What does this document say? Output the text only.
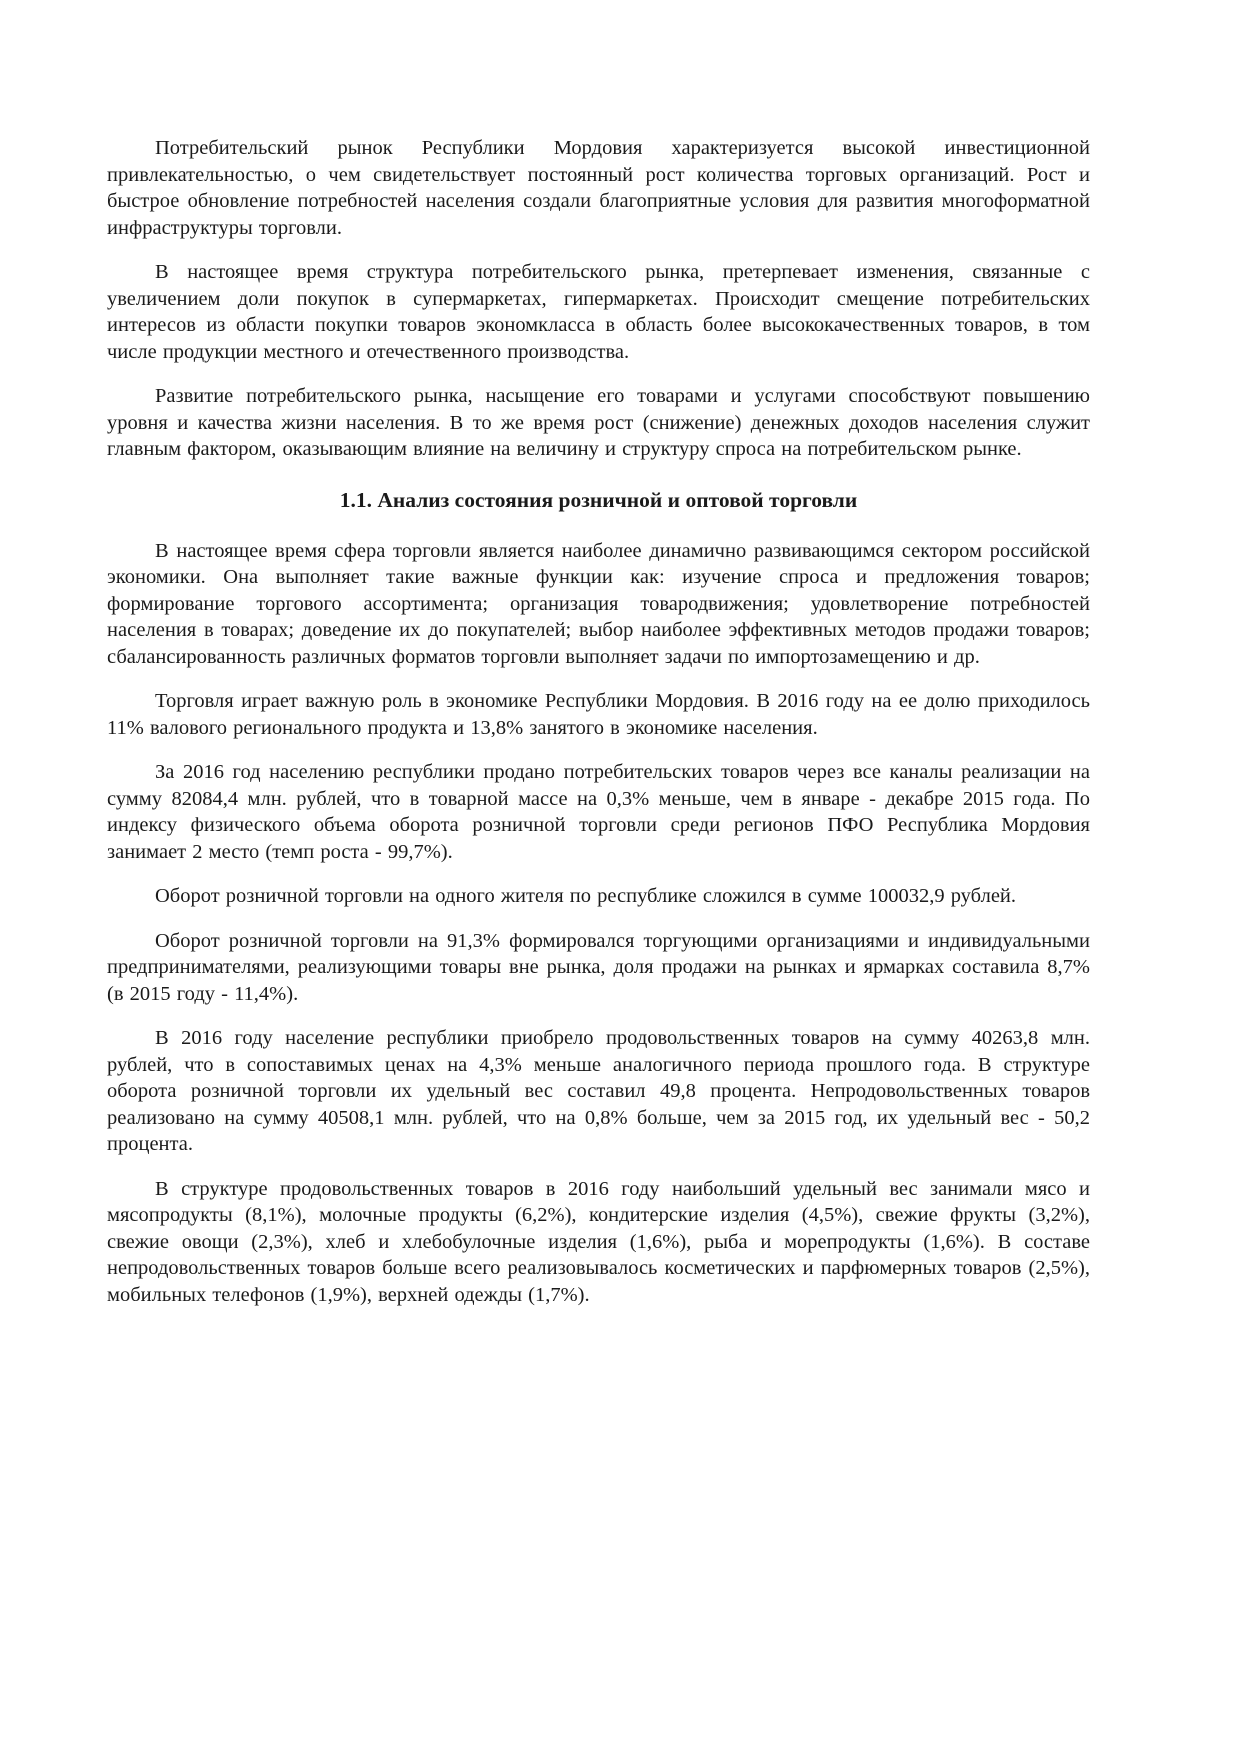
Потребительский рынок Республики Мордовия характеризуется высокой инвестиционной привлекательностью, о чем свидетельствует постоянный рост количества торговых организаций. Рост и быстрое обновление потребностей населения создали благоприятные условия для развития многоформатной инфраструктуры торговли.

В настоящее время структура потребительского рынка, претерпевает изменения, связанные с увеличением доли покупок в супермаркетах, гипермаркетах. Происходит смещение потребительских интересов из области покупки товаров экономкласса в область более высококачественных товаров, в том числе продукции местного и отечественного производства.

Развитие потребительского рынка, насыщение его товарами и услугами способствуют повышению уровня и качества жизни населения. В то же время рост (снижение) денежных доходов населения служит главным фактором, оказывающим влияние на величину и структуру спроса на потребительском рынке.

1.1. Анализ состояния розничной и оптовой торговли

В настоящее время сфера торговли является наиболее динамично развивающимся сектором российской экономики. Она выполняет такие важные функции как: изучение спроса и предложения товаров; формирование торгового ассортимента; организация товародвижения; удовлетворение потребностей населения в товарах; доведение их до покупателей; выбор наиболее эффективных методов продажи товаров; сбалансированность различных форматов торговли выполняет задачи по импортозамещению и др.

Торговля играет важную роль в экономике Республики Мордовия. В 2016 году на ее долю приходилось 11% валового регионального продукта и 13,8% занятого в экономике населения.

За 2016 год населению республики продано потребительских товаров через все каналы реализации на сумму 82084,4 млн. рублей, что в товарной массе на 0,3% меньше, чем в январе - декабре 2015 года. По индексу физического объема оборота розничной торговли среди регионов ПФО Республика Мордовия занимает 2 место (темп роста - 99,7%).

Оборот розничной торговли на одного жителя по республике сложился в сумме 100032,9 рублей.

Оборот розничной торговли на 91,3% формировался торгующими организациями и индивидуальными предпринимателями, реализующими товары вне рынка, доля продажи на рынках и ярмарках составила 8,7% (в 2015 году - 11,4%).

В 2016 году население республики приобрело продовольственных товаров на сумму 40263,8 млн. рублей, что в сопоставимых ценах на 4,3% меньше аналогичного периода прошлого года. В структуре оборота розничной торговли их удельный вес составил 49,8 процента. Непродовольственных товаров реализовано на сумму 40508,1 млн. рублей, что на 0,8% больше, чем за 2015 год, их удельный вес - 50,2 процента.

В структуре продовольственных товаров в 2016 году наибольший удельный вес занимали мясо и мясопродукты (8,1%), молочные продукты (6,2%), кондитерские изделия (4,5%), свежие фрукты (3,2%), свежие овощи (2,3%), хлеб и хлебобулочные изделия (1,6%), рыба и морепродукты (1,6%). В составе непродовольственных товаров больше всего реализовывалось косметических и парфюмерных товаров (2,5%), мобильных телефонов (1,9%), верхней одежды (1,7%).
